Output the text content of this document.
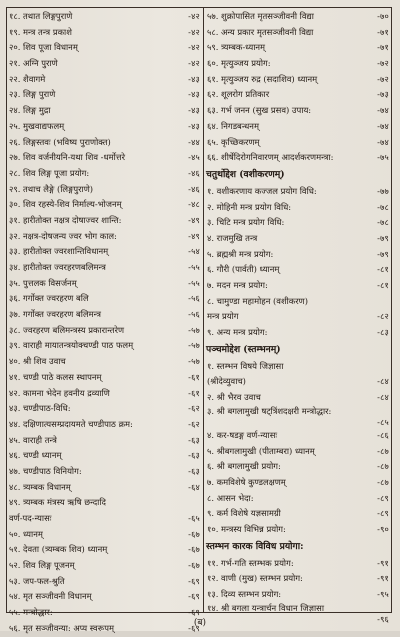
१८. तथात लिङ्गपुराणे	-४२
१९. मन्त्र तन्त्र प्रकाशे	-४२
२०. शिव पूजा विधानम्	-४२
२१. अग्नि पुराणे	-४२
२२. शैवागमे	-४३
२३. लिङ्ग पुराणे	-४३
२४. लिङ्ग मुद्रा	-४३
२५. मुखवाद्यफलम्	-४३
२६. लिङ्गस्तवः (भविष्य पुराणोक्त)	-४४
२७. शिव वर्जनीयनि-यथा शिव -धर्मोत्तरे	-४५
२८. शिव लिङ्ग पूजा प्रयोग:	-४६
२९. तथाच लैङ्गे (लिङ्गपुराणे)	-४६
३०. शिव रहस्ये-शिव निर्माल्य-भोजनम्	-४८
३१. हारीतोक्त नक्षत्र दोषाज्वर शान्ति:	-४९
३२. नक्षत्र-दोषजन्य ज्वर भोग काल:	-४९
३३. हारीतोक्त ज्वरशान्तिविधानम्	-५४
३४. हारीतोक्त ज्वरहरणबलिमन्त्र	-५५
३५. पुत्तलक विसर्जनम्	-५५
३६. गर्गोक्त ज्वरहरण बलि	-५६
३७. गर्गोक्त ज्वरहरण बलिमन्त्र	-५६
३८. ज्वरहरण बलिमन्त्रस्य प्रकारान्तरेण	-५७
३९. वाराही मायातन्त्रयोक्चण्डी पाठ फलम्	-५७
४०. श्री शिव उवाच	-५७
४१. चण्डी पाठे कलस स्थापनम्	-६१
४२. कामना भेदेन हवनीय द्रव्याणि	-६१
४३. चण्डीपाठ-विधि:	-६२
४४. दक्षिणात्यसम्प्रदायमते चण्डीपाठ क्रम:	-६२
४५. वाराही तन्त्रे	-६३
४६. चण्डी ध्यानम्	-६३
४७. चण्डीपाठ विनियोग:	-६३
४८. त्र्यम्बक विधानम्	-६४
४९. त्र्यम्बक मंत्रस्य ऋषि छन्दादि
वर्ण-पद-न्यासः	-६५
५०. ध्यानम्	-६७
५१. देवता (त्र्यम्बक शिव) ध्यानम्	-६७
५२. शिव लिङ्ग पूजनम्	-६७
५३. जप-फल-श्रुति	-६९
५४. मृत सञ्जीवनी विधानम्	-६९
५५. मन्त्रोद्धार:	-६९
५६. मृत सञ्जीवन्या: अप्य स्वरूपम्	-६९
५७. शुक्रोपासित मृतसञ्जीवनी विद्या	-७०
५८. अन्य प्रकार मृतसञ्जीवनी विद्या	-७१
५९. त्र्यम्बक-ध्यानम्	-७१
६०. मृत्युञ्जय प्रयोग:	-७२
६१. मृत्युञ्जय रुद्र (सदाशिव) ध्यानम्	-७२
६२. शूलरोग प्रतिकार	-७३
६३. गर्भ जनन (सुख प्रसव) उपाय:	-७४
६४. निगडबन्धनम्	-७४
६५. कृच्छिकरणम्	-७४
६६. शीर्षेदिरोगनिवारणम् आदर्शकरणमन्त्रा:	-७५
चतुर्थोद्देश (वशीकरणम्)
१. वशीकरणाय कज्जल प्रयोग विधि:	-७७
२. मोहिनी मन्त्र प्रयोग विधि:	-७८
३. चिटि मन्त्र प्रयोग विधि:	-७८
४. राजमुखि तन्त्र	-७९
५. ब्रह्मश्री मन्त्र प्रयोग:	-७९
६. गौरी (पार्वती) ध्यानम्	-८१
७. मदन मन्त्र प्रयोग:	-८१
८. चामुण्डा महामोहन (वशीकरण)
मन्त्र प्रयोग	-८२
९. अन्य मन्त्र प्रयोग:	-८३
पञ्चमोद्देश (स्तम्भनम्)
१. स्तम्भन विषये जिज्ञासा
(श्रीदेव्युवाच)	-८४
२. श्री भैरव उवाच	-८४
३. श्री बगलामुखी षट्त्रिंशदक्षरी मन्त्रोद्धार:
-८५
४. कर-षडङ्ग वर्ण-न्यासः	-८६
५. श्रीबगलामुखी (पीताम्बरा) ध्यानम्	-८७
६. श्री बगलामुखी प्रयोग:	-८७
७. कमविशेषे कुण्डलक्षणम्	-८७
८. आसन भेदा:	-८९
९. कर्म विशेषे यज्ञसामग्री	-८९
१०. मन्त्रस्य विभिन्न प्रयोग:	-९०
स्तम्भन कारक विविध प्रयोगा:
११. गर्भ-गति स्तम्भक प्रयोग:	-९१
१२. वाणी (मुख) स्तम्भन प्रयोग:	-९१
१३. दिव्य स्तम्भन प्रयोग:	-९५
१४. श्री बगला यन्त्रार्चन विधान जिज्ञासा
-९६
(ब)
